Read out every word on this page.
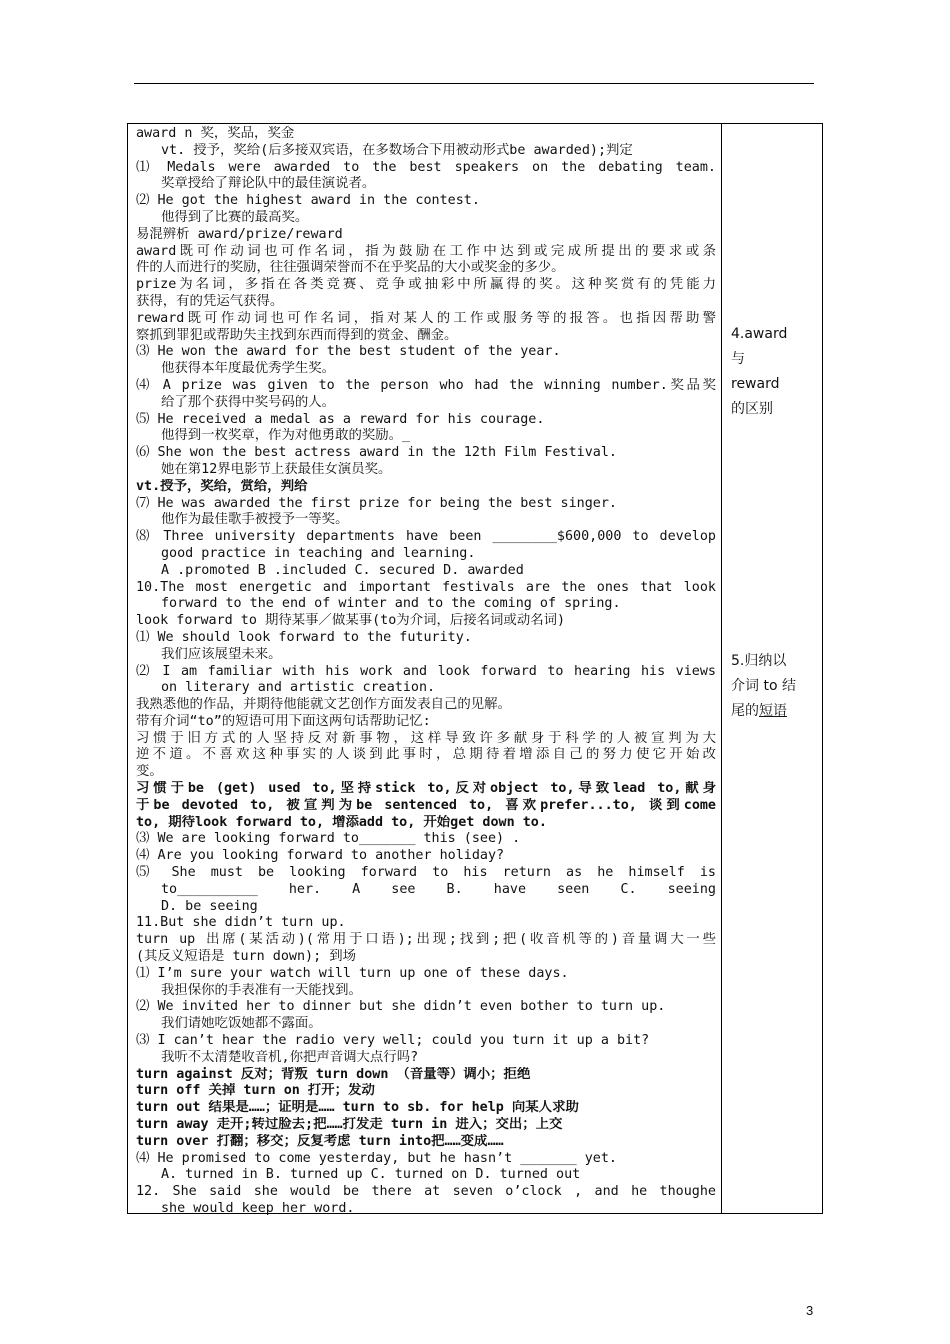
award n 奖，奖品，奖金
vt. 授予，奖给(后多接双宾语，在多数场合下用被动形式be awarded);判定
⑴ Medals were awarded to the best speakers on the debating team.
奖章授给了辩论队中的最佳演说者。
⑵ He got the highest award in the contest.
他得到了比赛的最高奖。
易混辨析 award/prize/reward
award既可作动词也可作名词，指为鼓励在工作中达到或完成所提出的要求或条
件的人而进行的奖励，往往强调荣誉而不在乎奖品的大小或奖金的多少。
prize为名词，多指在各类竞赛、竞争或抽彩中所赢得的奖。这种奖赏有的凭能力
获得，有的凭运气获得。
reward既可作动词也可作名词，指对某人的工作或服务等的报答。也指因帮助警
察抓到罪犯或帮助失主找到东西而得到的赏金、酬金。
⑶ He won the award for the best student of the year.
他获得本年度最优秀学生奖。
⑷ A prize was given to the person who had the winning number.奖品奖
给了那个获得中奖号码的人。
⑸ He received a medal as a reward for his courage.
他得到一枚奖章，作为对他勇敢的奖励。_
⑹ She won the best actress award in the 12th Film Festival.
她在第12界电影节上获最佳女演员奖。
vt.授予，奖给，赏给，判给
⑺ He was awarded the first prize for being the best singer.
他作为最佳歌手被授予一等奖。
⑻ Three university departments have been ________$600,000 to develop
good practice in teaching and learning.
A .promoted B .included C. secured D. awarded
10.The most energetic and important festivals are the ones that look
forward to the end of winter and to the coming of spring.
look forward to 期待某事／做某事(to为介词，后接名词或动名词)
⑴ We should look forward to the futurity.
我们应该展望未来。
⑵ I am familiar with his work and look forward to hearing his views
on literary and artistic creation.
我熟悉他的作品，并期待他能就文艺创作方面发表自己的见解。
带有介词“to”的短语可用下面这两句话帮助记忆:
习惯于旧方式的人坚持反对新事物，这样导致许多献身于科学的人被宣判为大
逆不道。不喜欢这种事实的人谈到此事时，总期待着增添自己的努力使它开始改
变。
习惯于be (get) used to,坚持stick to,反对object to,导致lead to,献身
于be devoted to, 被宣判为be sentenced to, 喜欢prefer...to, 谈到come
to, 期待look forward to, 增添add to, 开始get down to.
⑶ We are looking forward to_______ this (see) .
⑷ Are you looking forward to another holiday?
⑸ She must be looking forward to his return as he himself is
to__________ her. A see B. have seen C. seeing
D. be seeing
11.But she didn’t turn up.
turn up 出席(某活动)(常用于口语);出现;找到;把(收音机等的)音量调大一些
(其反义短语是 turn down); 到场
⑴ I’m sure your watch will turn up one of these days.
我担保你的手表准有一天能找到。
⑵ We invited her to dinner but she didn’t even bother to turn up.
我们请她吃饭她都不露面。
⑶ I can’t hear the radio very well; could you turn it up a bit?
我听不太清楚收音机,你把声音调大点行吗?
turn against 反对；背叛 turn down （音量等）调小；拒绝
turn off 关掉 turn on 打开；发动
turn out 结果是……；证明是…… turn to sb. for help 向某人求助
turn away 走开;转过脸去;把……打发走 turn in 进入；交出；上交
turn over 打翻；移交；反复考虑 turn into把……变成……
⑷ He promised to come yesterday, but he hasn’t _______ yet.
A. turned in B. turned up C. turned on D. turned out
12. She said she would be there at seven o’clock , and he thoughe
she would keep her word.
4.award
与
reward
的区别
5.归纳以
介词 to 结
尾的短语
3
